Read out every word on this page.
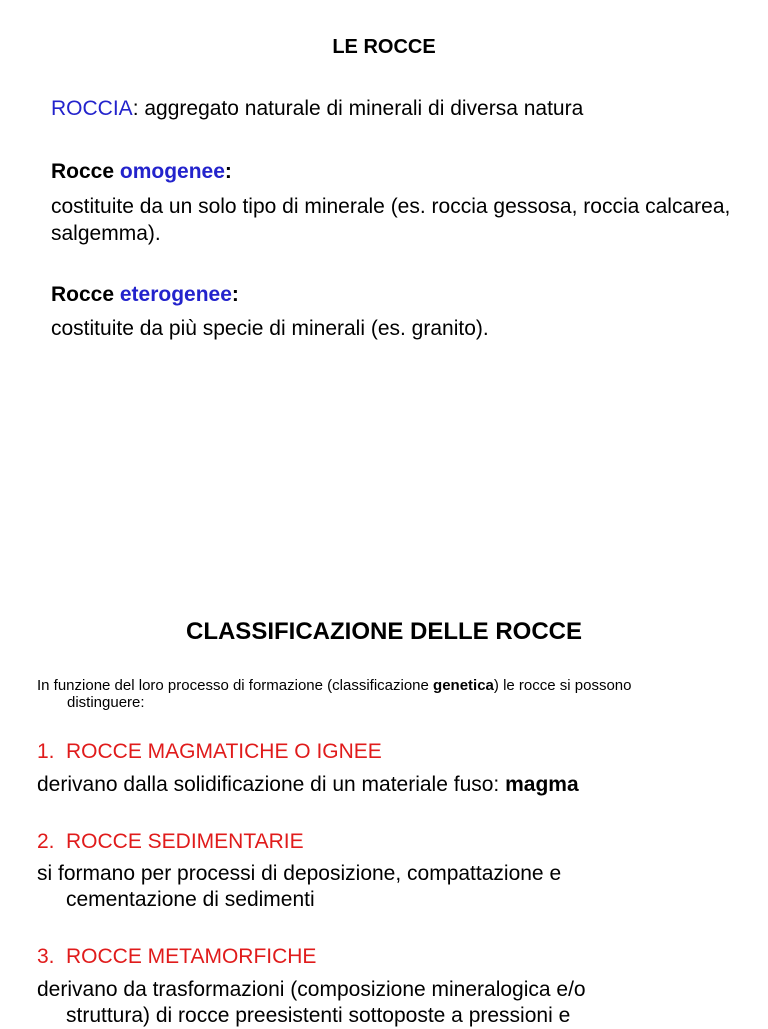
LE ROCCE

ROCCIA: aggregato naturale di minerali di diversa natura

Rocce omogenee:

costituite da un solo tipo di minerale (es. roccia gessosa, roccia calcarea, salgemma).

Rocce eterogenee:

costituite da più specie di minerali (es. granito).

CLASSIFICAZIONE DELLE ROCCE

In funzione del loro processo di formazione (classificazione genetica) le rocce si possono
distinguere:

1. ROCCE MAGMATICHE O IGNEE

derivano dalla solidificazione di un materiale fuso: magma

2. ROCCE SEDIMENTARIE

si formano per processi di deposizione, compattazione e
cementazione di sedimenti

3. ROCCE METAMORFICHE

derivano da trasformazioni (composizione mineralogica e/o
struttura) di rocce preesistenti sottoposte a pressioni e
